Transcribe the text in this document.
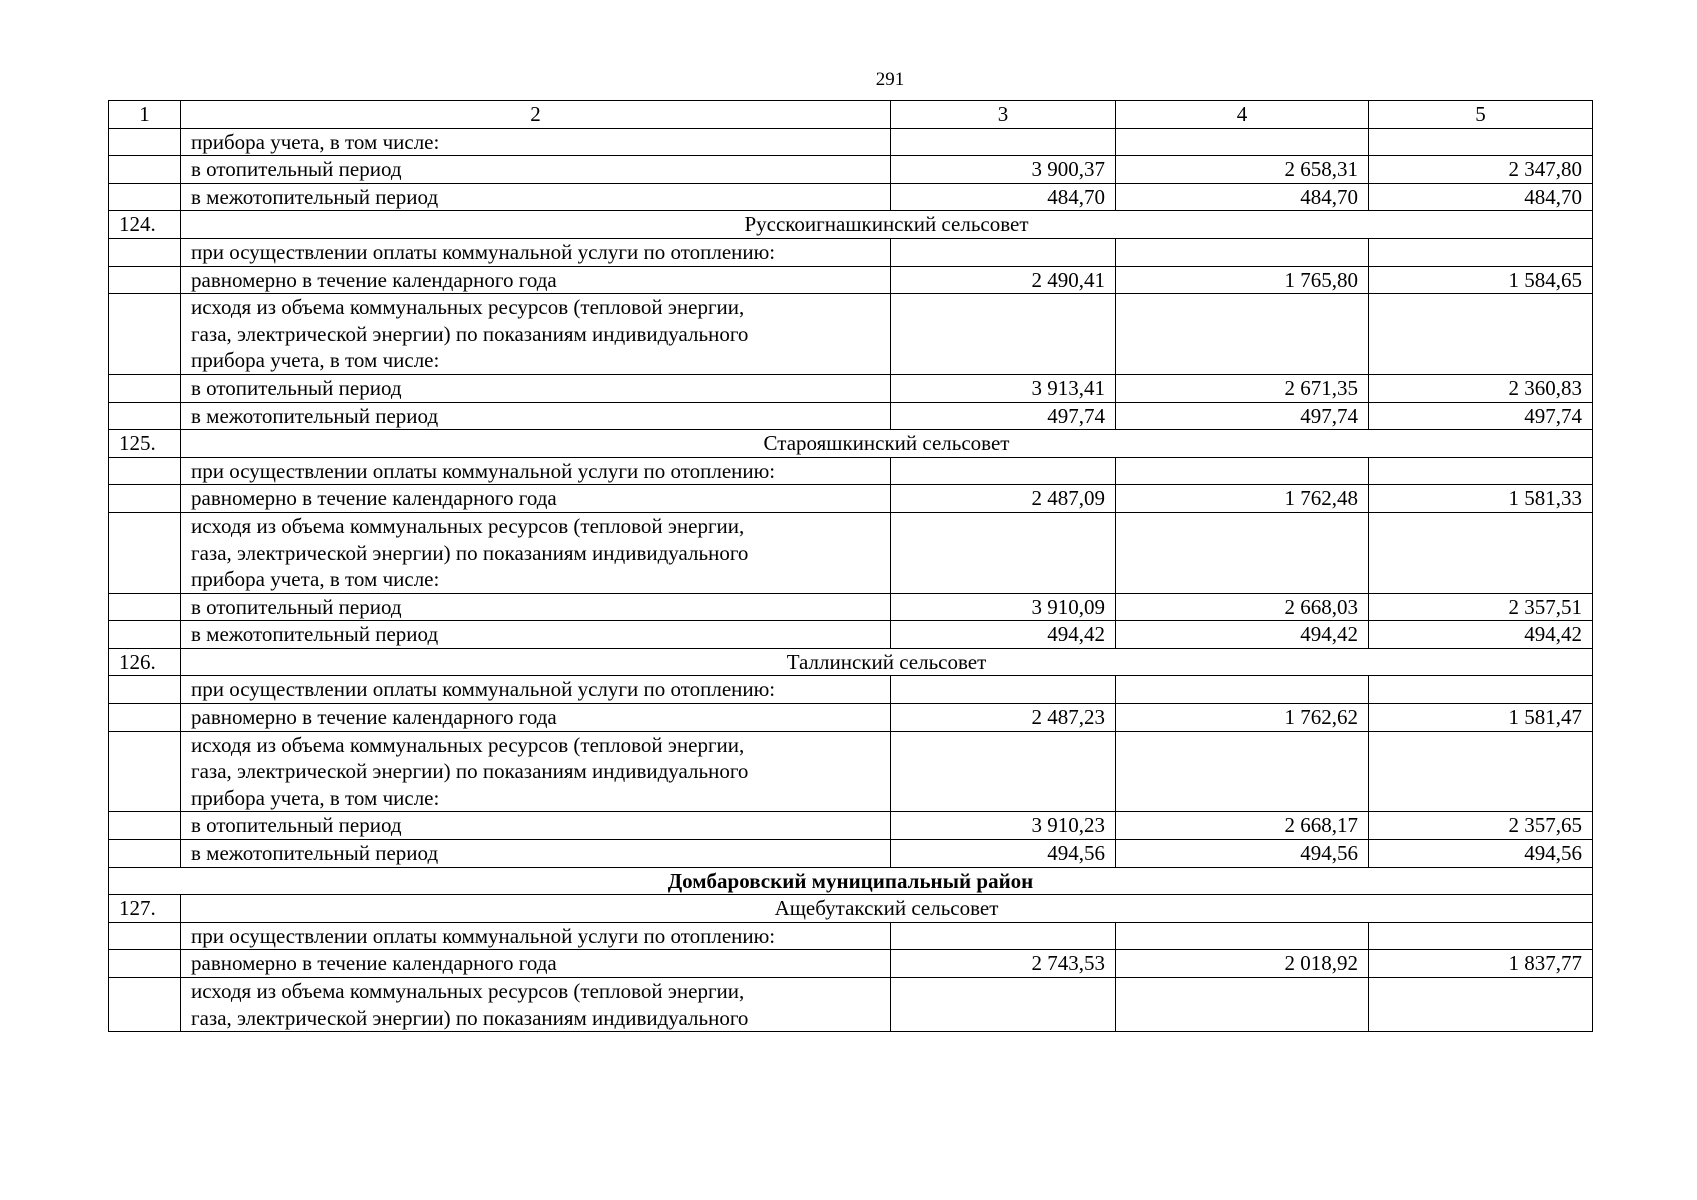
291
1	2	3	4	5
	прибора учета, в том числе:			
	в отопительный период	3 900,37	2 658,31	2 347,80
	в межотопительный период	484,70	484,70	484,70
124.	Русскоигнашкинский сельсовет			
	при осуществлении оплаты коммунальной услуги по отоплению:			
	равномерно в течение календарного года	2 490,41	1 765,80	1 584,65
	исходя из объема коммунальных ресурсов (тепловой энергии,
газа, электрической энергии) по показаниям индивидуального
прибора учета, в том числе:			
	в отопительный период	3 913,41	2 671,35	2 360,83
	в межотопительный период	497,74	497,74	497,74
125.	Старояшкинский сельсовет			
	при осуществлении оплаты коммунальной услуги по отоплению:			
	равномерно в течение календарного года	2 487,09	1 762,48	1 581,33
	исходя из объема коммунальных ресурсов (тепловой энергии,
газа, электрической энергии) по показаниям индивидуального
прибора учета, в том числе:			
	в отопительный период	3 910,09	2 668,03	2 357,51
	в межотопительный период	494,42	494,42	494,42
126.	Таллинский сельсовет			
	при осуществлении оплаты коммунальной услуги по отоплению:			
	равномерно в течение календарного года	2 487,23	1 762,62	1 581,47
	исходя из объема коммунальных ресурсов (тепловой энергии,
газа, электрической энергии) по показаниям индивидуального
прибора учета, в том числе:			
	в отопительный период	3 910,23	2 668,17	2 357,65
	в межотопительный период	494,56	494,56	494,56
Домбаровский муниципальный район				
127.	Ащебутакский сельсовет			
	при осуществлении оплаты коммунальной услуги по отоплению:			
	равномерно в течение календарного года	2 743,53	2 018,92	1 837,77
	исходя из объема коммунальных ресурсов (тепловой энергии,
газа, электрической энергии) по показаниям индивидуального			
